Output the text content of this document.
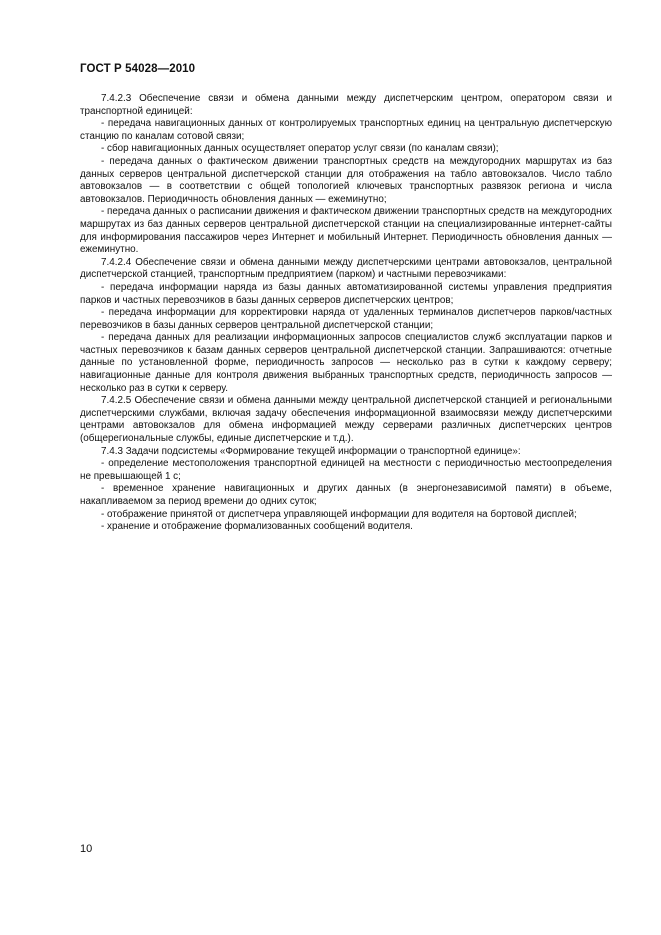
ГОСТ Р 54028—2010

7.4.2.3 Обеспечение связи и обмена данными между диспетчерским центром, оператором связи и транспортной единицей:

- передача навигационных данных от контролируемых транспортных единиц на центральную диспетчерскую станцию по каналам сотовой связи;

- сбор навигационных данных осуществляет оператор услуг связи (по каналам связи);

- передача данных о фактическом движении транспортных средств на междугородних маршрутах из баз данных серверов центральной диспетчерской станции для отображения на табло автовокзалов. Число табло автовокзалов — в соответствии с общей топологией ключевых транспортных развязок региона и числа автовокзалов. Периодичность обновления данных — ежеминутно;

- передача данных о расписании движения и фактическом движении транспортных средств на междугородних маршрутах из баз данных серверов центральной диспетчерской станции на специализированные интернет-сайты для информирования пассажиров через Интернет и мобильный Интернет. Периодичность обновления данных — ежеминутно.

7.4.2.4 Обеспечение связи и обмена данными между диспетчерскими центрами автовокзалов, центральной диспетчерской станцией, транспортным предприятием (парком) и частными перевозчиками:

- передача информации наряда из базы данных автоматизированной системы управления предприятия парков и частных перевозчиков в базы данных серверов диспетчерских центров;

- передача информации для корректировки наряда от удаленных терминалов диспетчеров парков/частных перевозчиков в базы данных серверов центральной диспетчерской станции;

- передача данных для реализации информационных запросов специалистов служб эксплуатации парков и частных перевозчиков к базам данных серверов центральной диспетчерской станции. Запрашиваются: отчетные данные по установленной форме, периодичность запросов — несколько раз в сутки к каждому серверу; навигационные данные для контроля движения выбранных транспортных средств, периодичность запросов — несколько раз в сутки к серверу.

7.4.2.5 Обеспечение связи и обмена данными между центральной диспетчерской станцией и региональными диспетчерскими службами, включая задачу обеспечения информационной взаимосвязи между диспетчерскими центрами автовокзалов для обмена информацией между серверами различных диспетчерских центров (общерегиональные службы, единые диспетчерские и т.д.).

7.4.3 Задачи подсистемы «Формирование текущей информации о транспортной единице»:

- определение местоположения транспортной единицей на местности с периодичностью местоопределения не превышающей 1 с;

- временное хранение навигационных и других данных (в энергонезависимой памяти) в объеме, накапливаемом за период времени до одних суток;

- отображение принятой от диспетчера управляющей информации для водителя на бортовой дисплей;

- хранение и отображение формализованных сообщений водителя.

10
